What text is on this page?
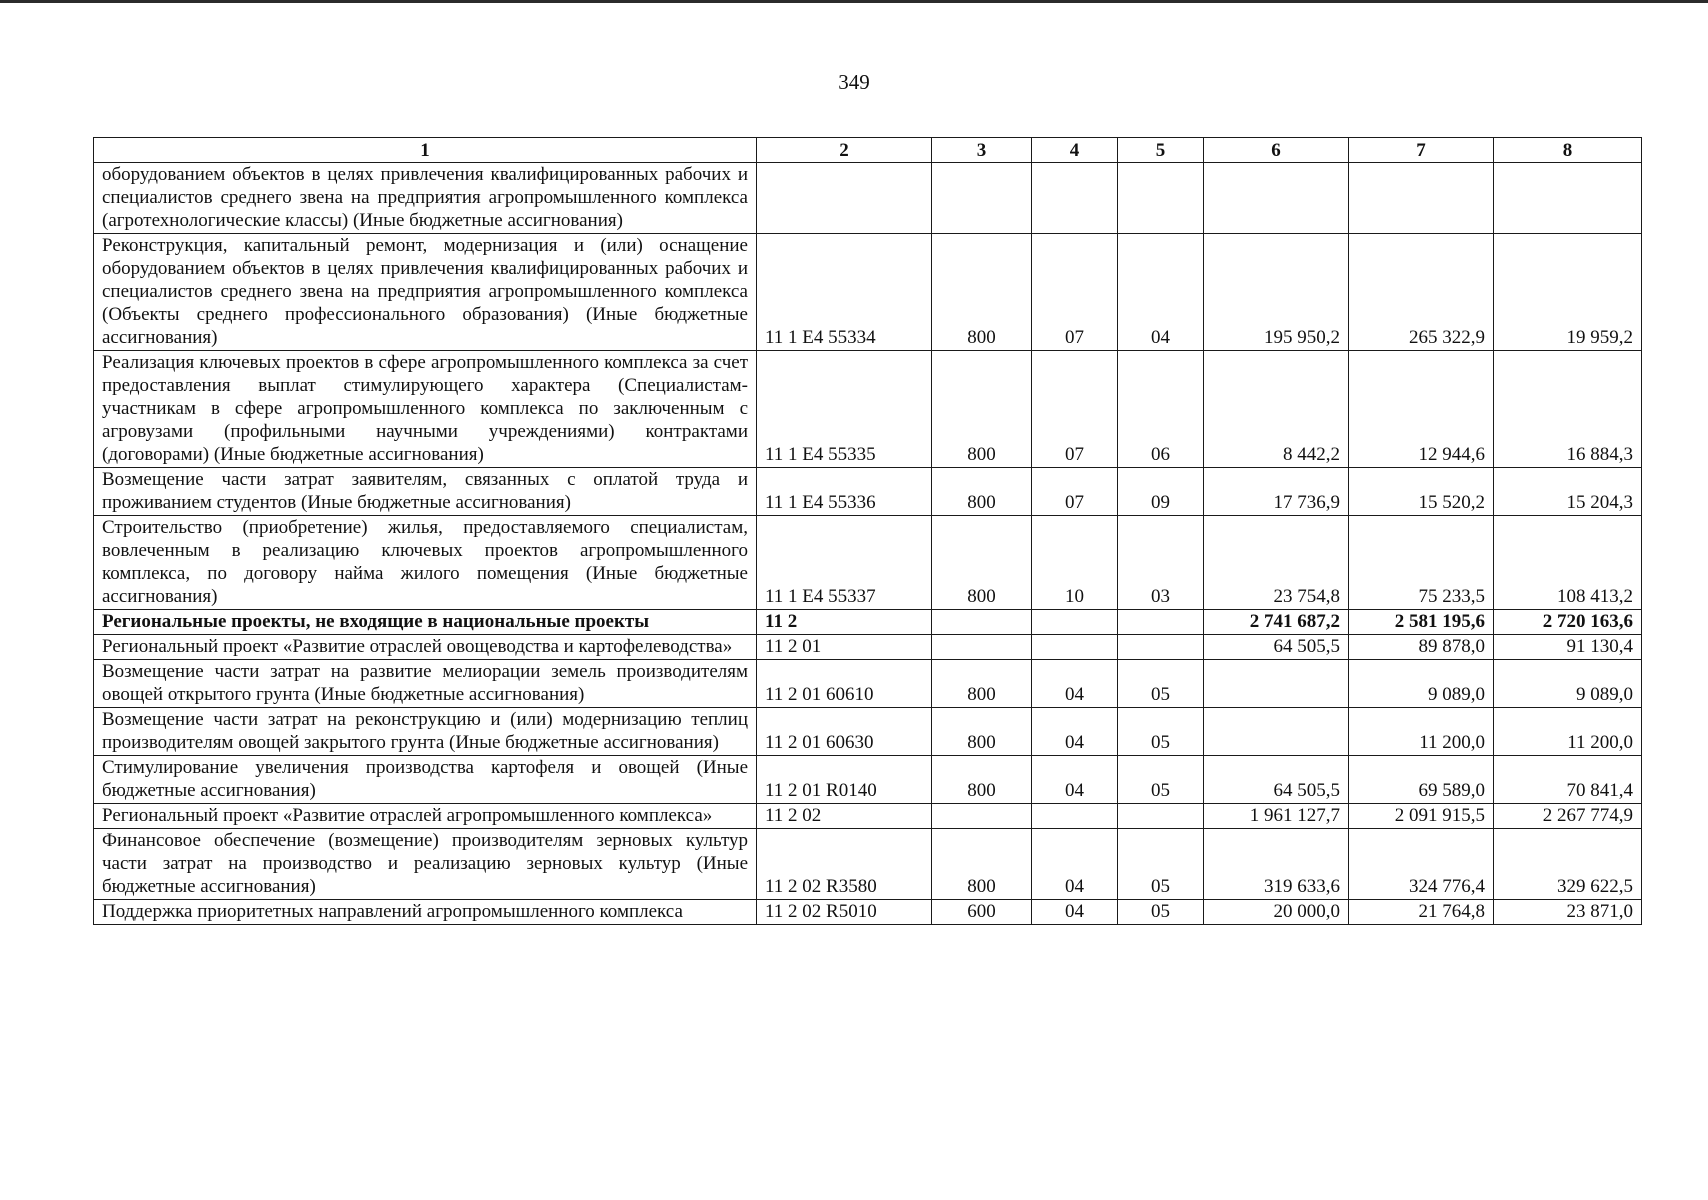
349
1	2	3	4	5	6	7	8
оборудованием объектов в целях привлечения квалифицированных рабочих и специалистов среднего звена на предприятия агропромышленного комплекса (агротехнологические классы) (Иные бюджетные ассигнования)							
Реконструкция, капитальный ремонт, модернизация и (или) оснащение оборудованием объектов в целях привлечения квалифицированных рабочих и специалистов среднего звена на предприятия агропромышленного комплекса (Объекты среднего профессионального образования) (Иные бюджетные ассигнования)	11 1 Е4 55334	800	07	04	195 950,2	265 322,9	19 959,2
Реализация ключевых проектов в сфере агропромышленного комплекса за счет предоставления выплат стимулирующего характера (Специалистам-участникам в сфере агропромышленного комплекса по заключенным с агровузами (профильными научными учреждениями) контрактами (договорами) (Иные бюджетные ассигнования)	11 1 Е4 55335	800	07	06	8 442,2	12 944,6	16 884,3
Возмещение части затрат заявителям, связанных с оплатой труда и проживанием студентов (Иные бюджетные ассигнования)	11 1 Е4 55336	800	07	09	17 736,9	15 520,2	15 204,3
Строительство (приобретение) жилья, предоставляемого специалистам, вовлеченным в реализацию ключевых проектов агропромышленного комплекса, по договору найма жилого помещения (Иные бюджетные ассигнования)	11 1 Е4 55337	800	10	03	23 754,8	75 233,5	108 413,2
Региональные проекты, не входящие в национальные проекты	11 2				2 741 687,2	2 581 195,6	2 720 163,6
Региональный проект «Развитие отраслей овощеводства и картофелеводства»	11 2 01				64 505,5	89 878,0	91 130,4
Возмещение части затрат на развитие мелиорации земель производителям овощей открытого грунта (Иные бюджетные ассигнования)	11 2 01 60610	800	04	05		9 089,0	9 089,0
Возмещение части затрат на реконструкцию и (или) модернизацию теплиц производителям овощей закрытого грунта (Иные бюджетные ассигнования)	11 2 01 60630	800	04	05		11 200,0	11 200,0
Стимулирование увеличения производства картофеля и овощей (Иные бюджетные ассигнования)	11 2 01 R0140	800	04	05	64 505,5	69 589,0	70 841,4
Региональный проект «Развитие отраслей агропромышленного комплекса»	11 2 02				1 961 127,7	2 091 915,5	2 267 774,9
Финансовое обеспечение (возмещение) производителям зерновых культур части затрат на производство и реализацию зерновых культур (Иные бюджетные ассигнования)	11 2 02 R3580	800	04	05	319 633,6	324 776,4	329 622,5
Поддержка приоритетных направлений агропромышленного комплекса	11 2 02 R5010	600	04	05	20 000,0	21 764,8	23 871,0
